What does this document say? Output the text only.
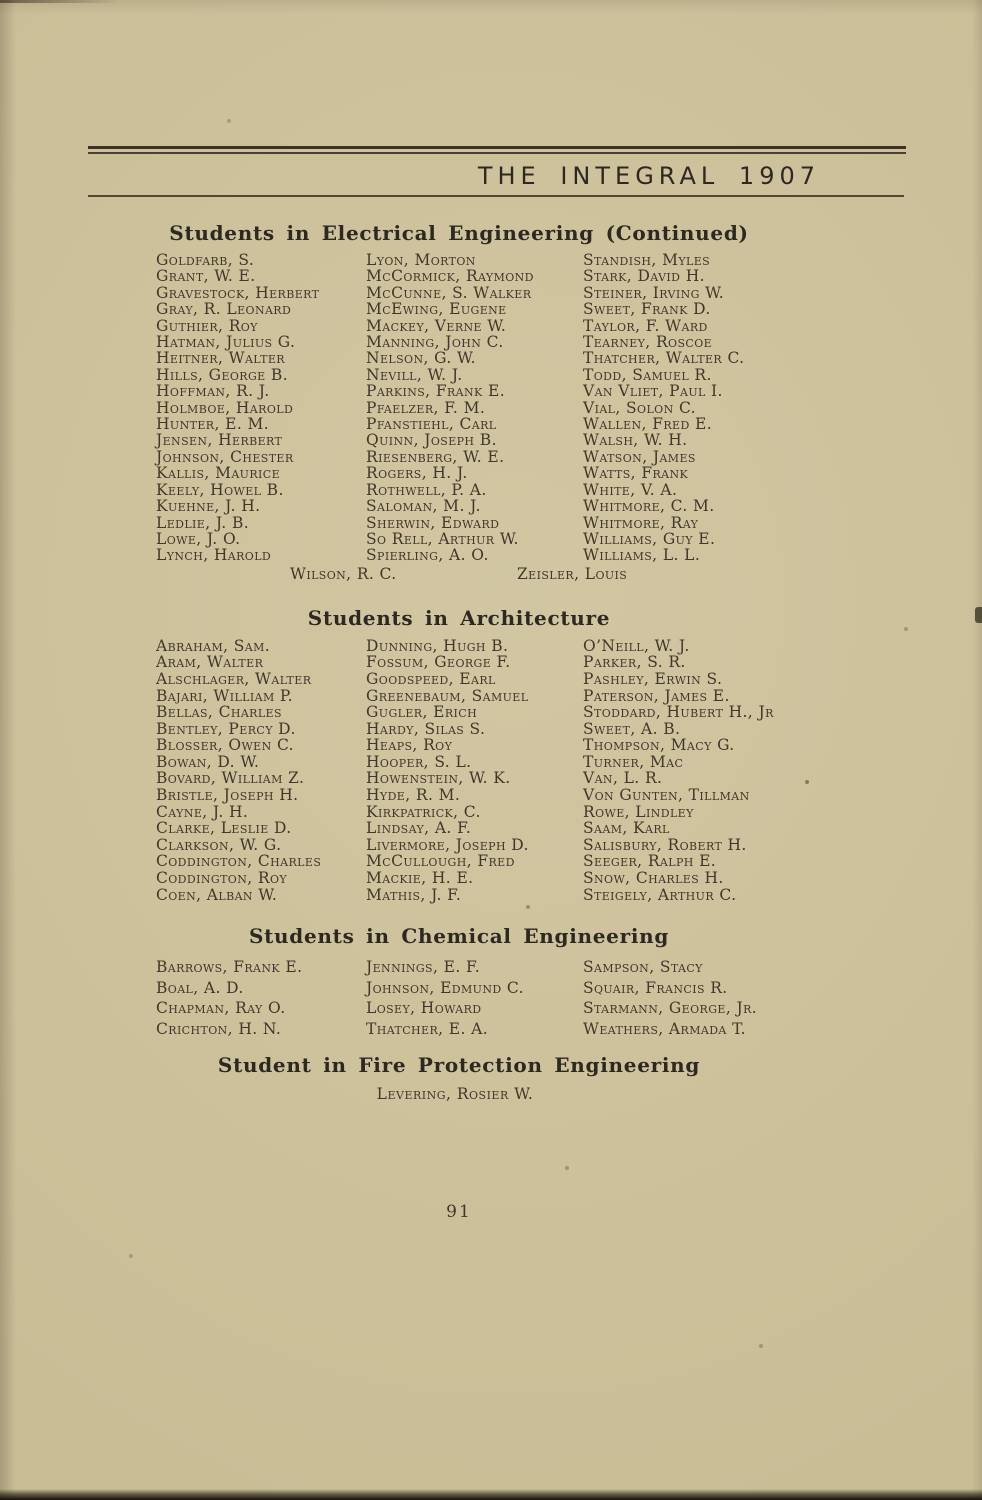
THE INTEGRAL 1907
Students in Electrical Engineering (Continued)
Goldfarb, S.
Grant, W. E.
Gravestock, Herbert
Gray, R. Leonard
Guthier, Roy
Hatman, Julius G.
Heitner, Walter
Hills, George B.
Hoffman, R. J.
Holmboe, Harold
Hunter, E. M.
Jensen, Herbert
Johnson, Chester
Kallis, Maurice
Keely, Howel B.
Kuehne, J. H.
Ledlie, J. B.
Lowe, J. O.
Lynch, Harold
Lyon, Morton
McCormick, Raymond
McCunne, S. Walker
McEwing, Eugene
Mackey, Verne W.
Manning, John C.
Nelson, G. W.
Nevill, W. J.
Parkins, Frank E.
Pfaelzer, F. M.
Pfanstiehl, Carl
Quinn, Joseph B.
Riesenberg, W. E.
Rogers, H. J.
Rothwell, P. A.
Saloman, M. J.
Sherwin, Edward
So Rell, Arthur W.
Spierling, A. O.
Standish, Myles
Stark, David H.
Steiner, Irving W.
Sweet, Frank D.
Taylor, F. Ward
Tearney, Roscoe
Thatcher, Walter C.
Todd, Samuel R.
Van Vliet, Paul I.
Vial, Solon C.
Wallen, Fred E.
Walsh, W. H.
Watson, James
Watts, Frank
White, V. A.
Whitmore, C. M.
Whitmore, Ray
Williams, Guy E.
Williams, L. L.
Wilson, R. C.	Zeisler, Louis
Students in Architecture
Abraham, Sam.
Aram, Walter
Alschlager, Walter
Bajari, William P.
Bellas, Charles
Bentley, Percy D.
Blosser, Owen C.
Bowan, D. W.
Bovard, William Z.
Bristle, Joseph H.
Cayne, J. H.
Clarke, Leslie D.
Clarkson, W. G.
Coddington, Charles
Coddington, Roy
Coen, Alban W.
Dunning, Hugh B.
Fossum, George F.
Goodspeed, Earl
Greenebaum, Samuel
Gugler, Erich
Hardy, Silas S.
Heaps, Roy
Hooper, S. L.
Howenstein, W. K.
Hyde, R. M.
Kirkpatrick, C.
Lindsay, A. F.
Livermore, Joseph D.
McCullough, Fred
Mackie, H. E.
Mathis, J. F.
O’Neill, W. J.
Parker, S. R.
Pashley, Erwin S.
Paterson, James E.
Stoddard, Hubert H., Jr
Sweet, A. B.
Thompson, Macy G.
Turner, Mac
Van, L. R.
Von Gunten, Tillman
Rowe, Lindley
Saam, Karl
Salisbury, Robert H.
Seeger, Ralph E.
Snow, Charles H.
Steigely, Arthur C.
Students in Chemical Engineering
Barrows, Frank E.
Boal, A. D.
Chapman, Ray O.
Crichton, H. N.
Jennings, E. F.
Johnson, Edmund C.
Losey, Howard
Thatcher, E. A.
Sampson, Stacy
Squair, Francis R.
Starmann, George, Jr.
Weathers, Armada T.
Student in Fire Protection Engineering
Levering, Rosier W.
91
